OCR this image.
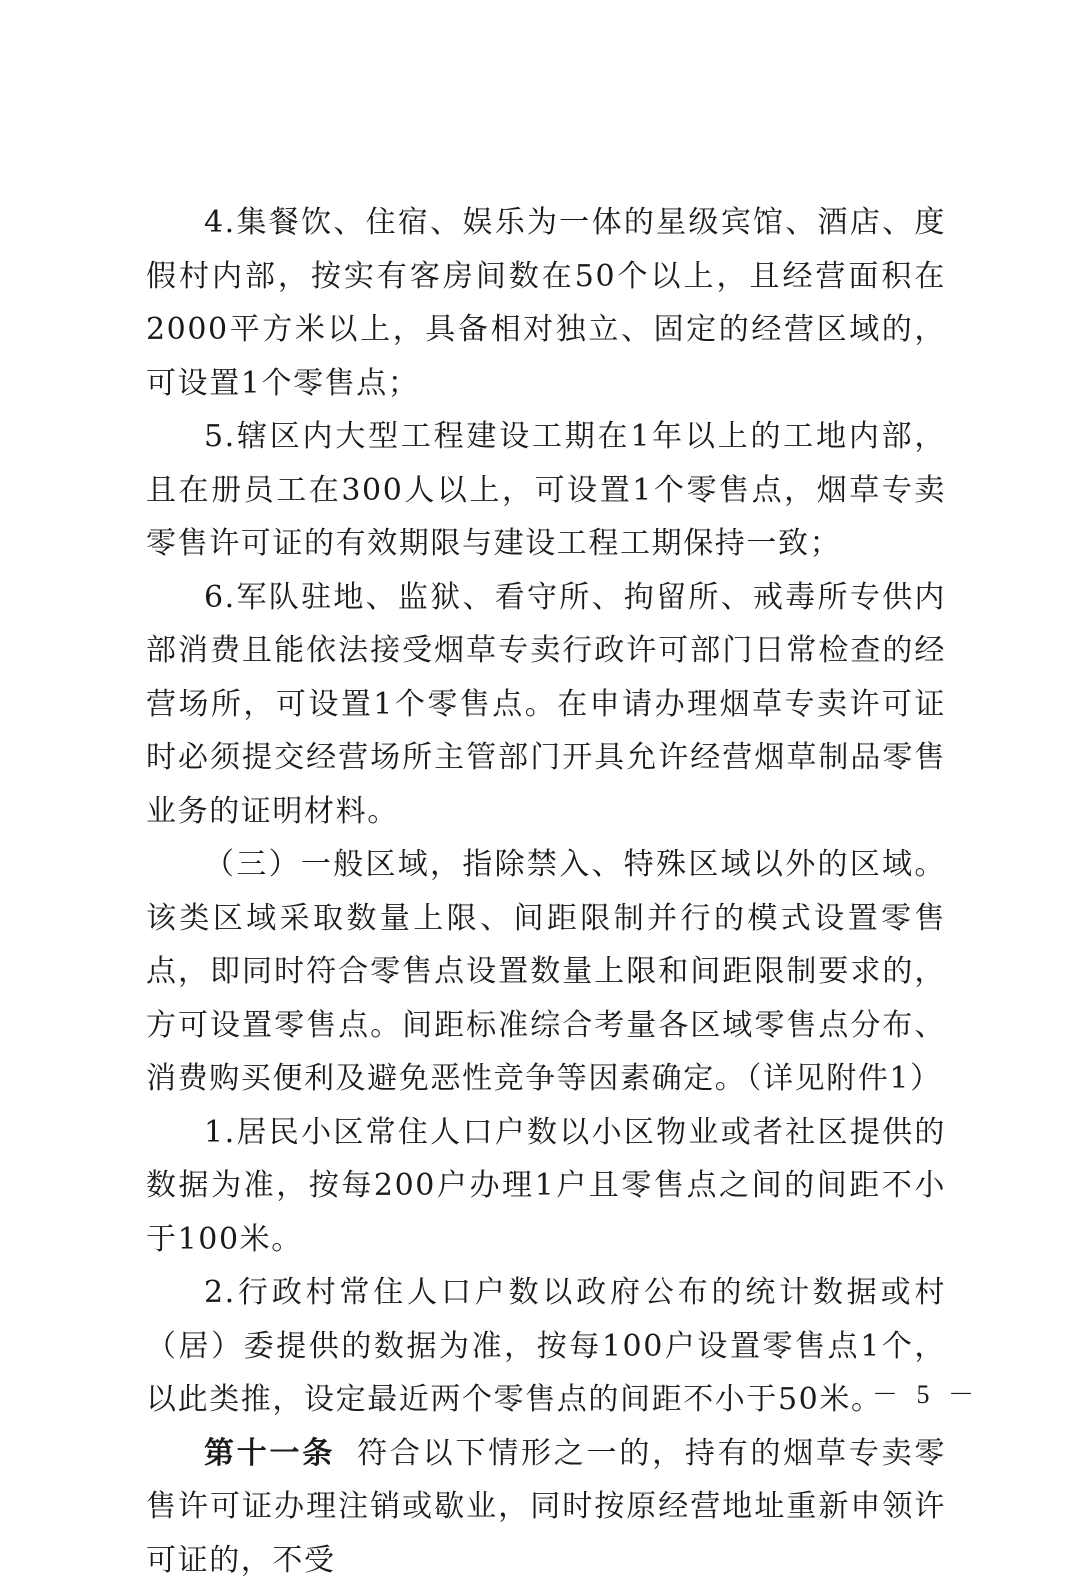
4.集餐饮、住宿、娱乐为一体的星级宾馆、酒店、度假村内部，按实有客房间数在50个以上，且经营面积在2000平方米以上，具备相对独立、固定的经营区域的，可设置1个零售点；

5.辖区内大型工程建设工期在1年以上的工地内部，且在册员工在300人以上，可设置1个零售点，烟草专卖零售许可证的有效期限与建设工程工期保持一致；

6.军队驻地、监狱、看守所、拘留所、戒毒所专供内部消费且能依法接受烟草专卖行政许可部门日常检查的经营场所，可设置1个零售点。在申请办理烟草专卖许可证时必须提交经营场所主管部门开具允许经营烟草制品零售业务的证明材料。

（三）一般区域，指除禁入、特殊区域以外的区域。该类区域采取数量上限、间距限制并行的模式设置零售点，即同时符合零售点设置数量上限和间距限制要求的，方可设置零售点。间距标准综合考量各区域零售点分布、消费购买便利及避免恶性竞争等因素确定。（详见附件1）

1.居民小区常住人口户数以小区物业或者社区提供的数据为准，按每200户办理1户且零售点之间的间距不小于100米。

2.行政村常住人口户数以政府公布的统计数据或村（居）委提供的数据为准，按每100户设置零售点1个，以此类推，设定最近两个零售点的间距不小于50米。

第十一条 符合以下情形之一的，持有的烟草专卖零售许可证办理注销或歇业，同时按原经营地址重新申领许可证的，不受

－ 5 －
